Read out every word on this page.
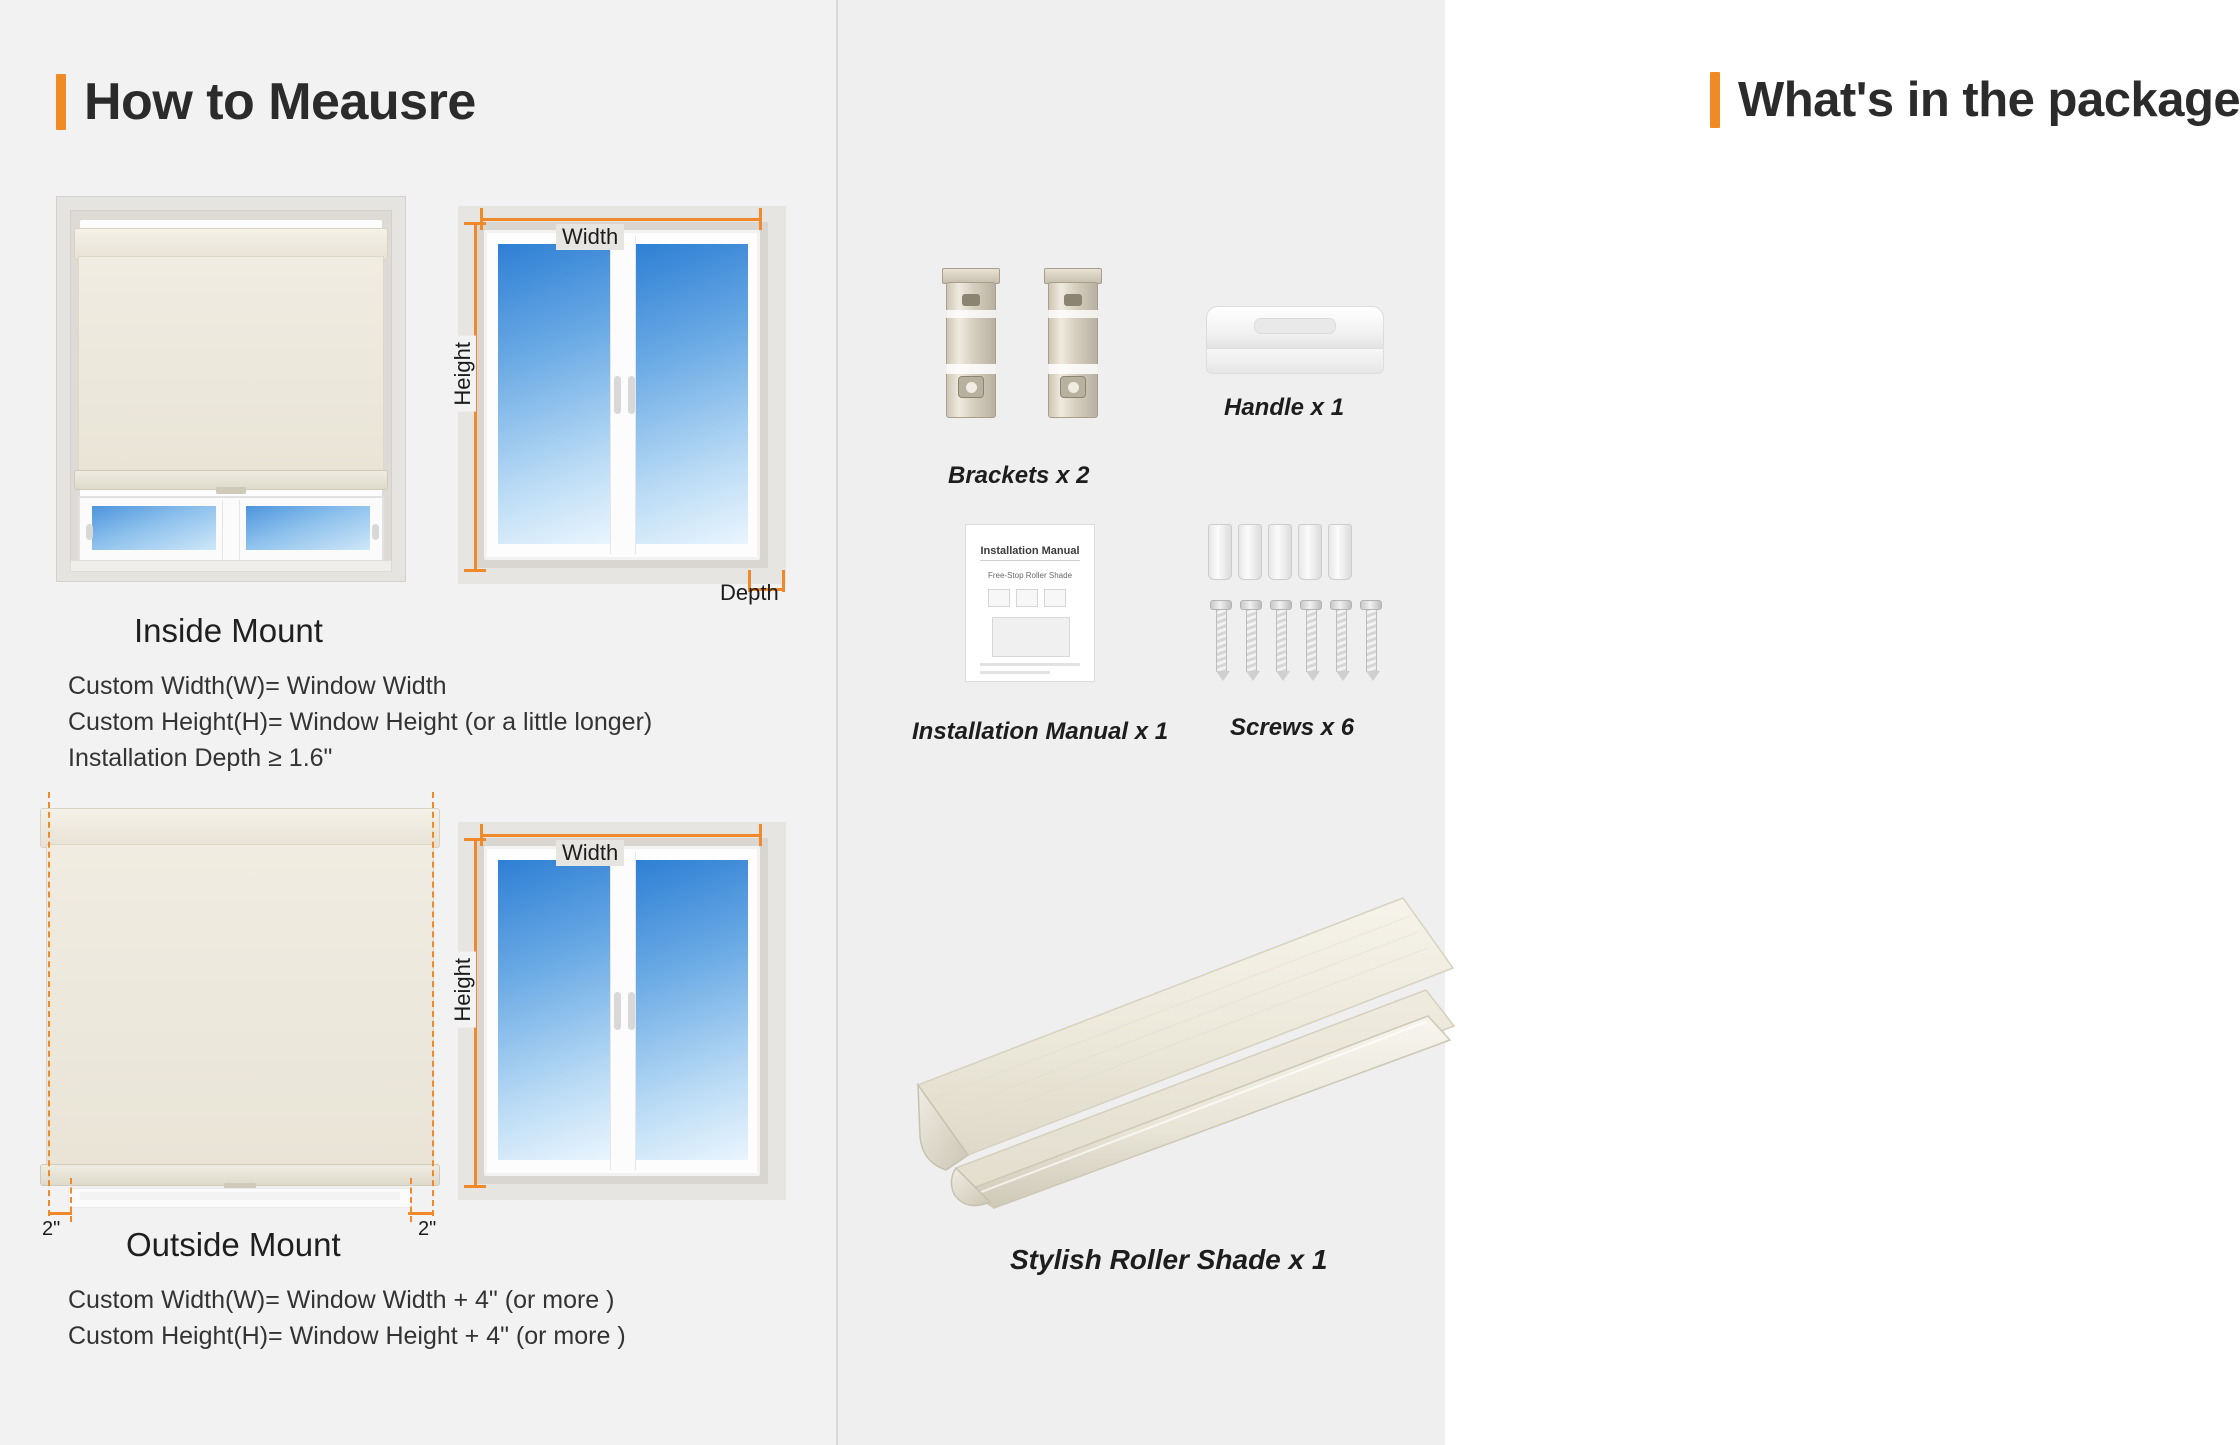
How to Meausre
Width
Height
Depth
Inside Mount
Custom Width(W)= Window Width
Custom Height(H)= Window Height (or a little longer)
Installation Depth ≥ 1.6"
2"	2"
Width
Height
Outside Mount
Custom Width(W)= Window Width + 4" (or more )
Custom Height(H)= Window Height + 4" (or more )
What's in the package
Brackets x 2
Handle x 1
Installation Manual
Free-Stop Roller Shade
Installation Manual x 1	Screws x 6
Stylish Roller Shade x 1
